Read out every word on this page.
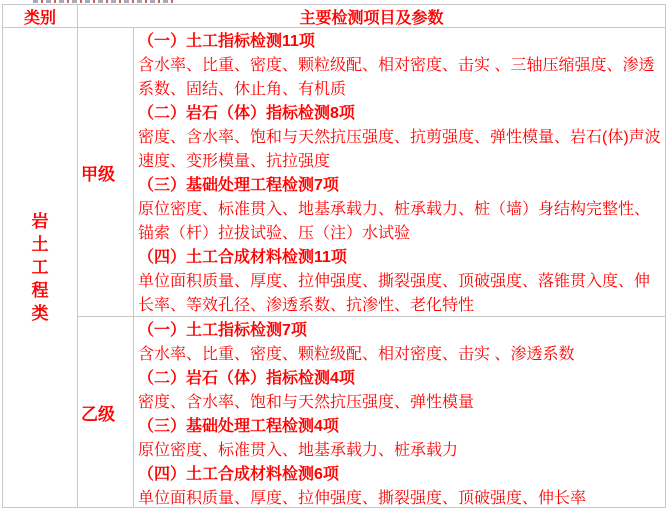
类别	主要检测项目及参数
岩
土
工
程
类
甲级

（一）土工指标检测11项

含水率、比重、密度、颗粒级配、相对密度、击实 、三轴压缩强度、渗透系数、固结、休止角、有机质

（二）岩石（体）指标检测8项

密度、含水率、饱和与天然抗压强度、抗剪强度、弹性模量、岩石(体)声波速度、变形模量、抗拉强度

（三）基础处理工程检测7项

原位密度、标准贯入、地基承载力、桩承载力、桩（墙）身结构完整性、锚索（杆）拉拔试验、压（注）水试验

（四）土工合成材料检测11项

单位面积质量、厚度、拉伸强度、撕裂强度、顶破强度、落锥贯入度、伸长率、等效孔径、渗透系数、抗渗性、老化特性

乙级

（一）土工指标检测7项

含水率、比重、密度、颗粒级配、相对密度、击实 、渗透系数

（二）岩石（体）指标检测4项

密度、含水率、饱和与天然抗压强度、弹性模量

（三）基础处理工程检测4项

原位密度、标准贯入、地基承载力、桩承载力

（四）土工合成材料检测6项

单位面积质量、厚度、拉伸强度、撕裂强度、顶破强度、伸长率
